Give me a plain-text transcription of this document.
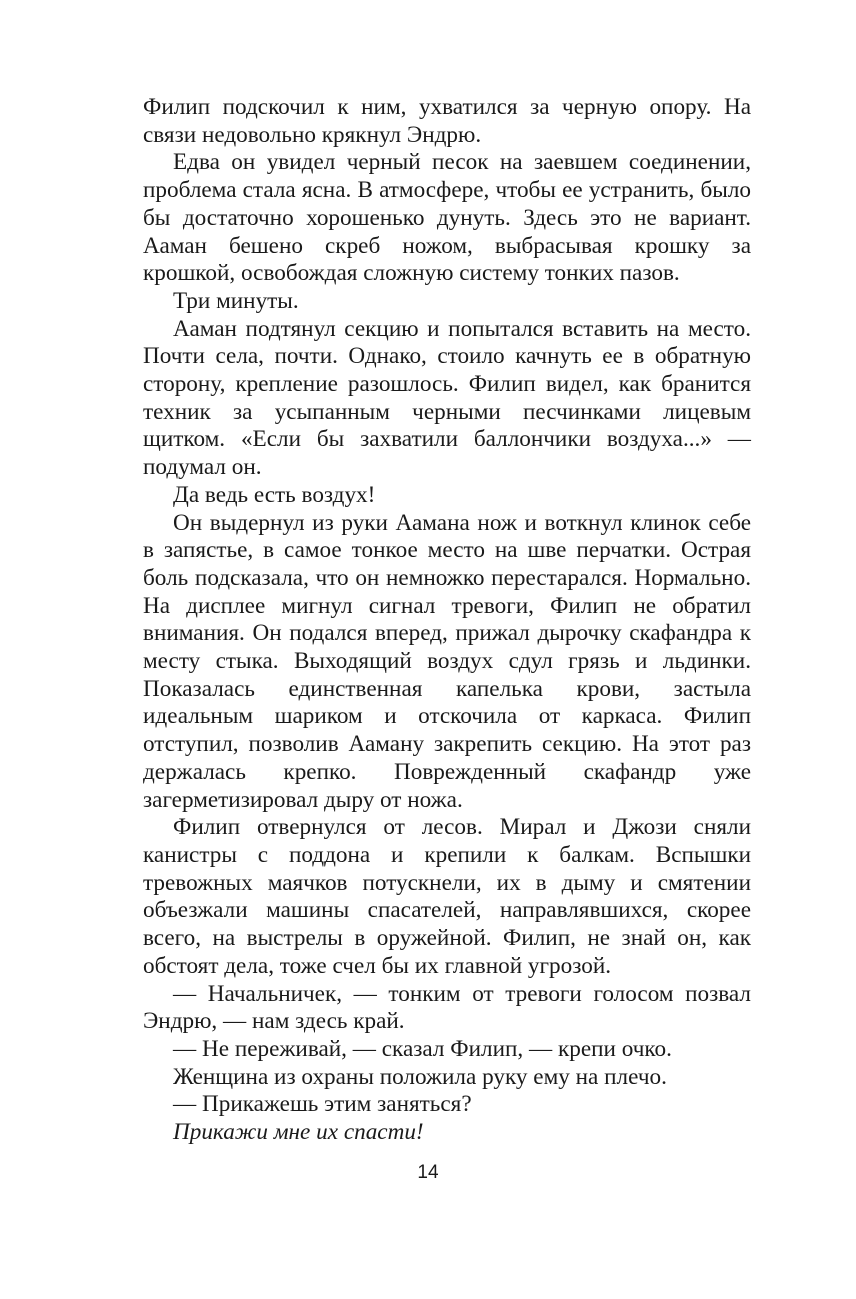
Филип подскочил к ним, ухватился за черную опору. На связи недовольно крякнул Эндрю.

Едва он увидел черный песок на заевшем соединении, проблема стала ясна. В атмосфере, чтобы ее устранить, было бы достаточно хорошенько дунуть. Здесь это не вариант. Ааман бешено скреб ножом, выбрасывая крошку за крошкой, освобождая сложную систему тонких пазов.

Три минуты.

Ааман подтянул секцию и попытался вставить на место. Почти села, почти. Однако, стоило качнуть ее в обратную сторону, крепление разошлось. Филип видел, как бранится техник за усыпанным черными песчинками лицевым щитком. «Если бы захватили баллончики воздуха...» — подумал он.

Да ведь есть воздух!

Он выдернул из руки Аамана нож и воткнул клинок себе в запястье, в самое тонкое место на шве перчатки. Острая боль подсказала, что он немножко перестарался. Нормально. На дисплее мигнул сигнал тревоги, Филип не обратил внимания. Он подался вперед, прижал дырочку скафандра к месту стыка. Выходящий воздух сдул грязь и льдинки. Показалась единственная капелька крови, застыла идеальным шариком и отскочила от каркаса. Филип отступил, позволив Ааману закрепить секцию. На этот раз держалась крепко. Поврежденный скафандр уже загерметизировал дыру от ножа.

Филип отвернулся от лесов. Мирал и Джози сняли канистры с поддона и крепили к балкам. Вспышки тревожных маячков потускнели, их в дыму и смятении объезжали машины спасателей, направлявшихся, скорее всего, на выстрелы в оружейной. Филип, не знай он, как обстоят дела, тоже счел бы их главной угрозой.

— Начальничек, — тонким от тревоги голосом позвал Эндрю, — нам здесь край.

— Не переживай, — сказал Филип, — крепи очко.

Женщина из охраны положила руку ему на плечо.

— Прикажешь этим заняться?

Прикажи мне их спасти!

14
